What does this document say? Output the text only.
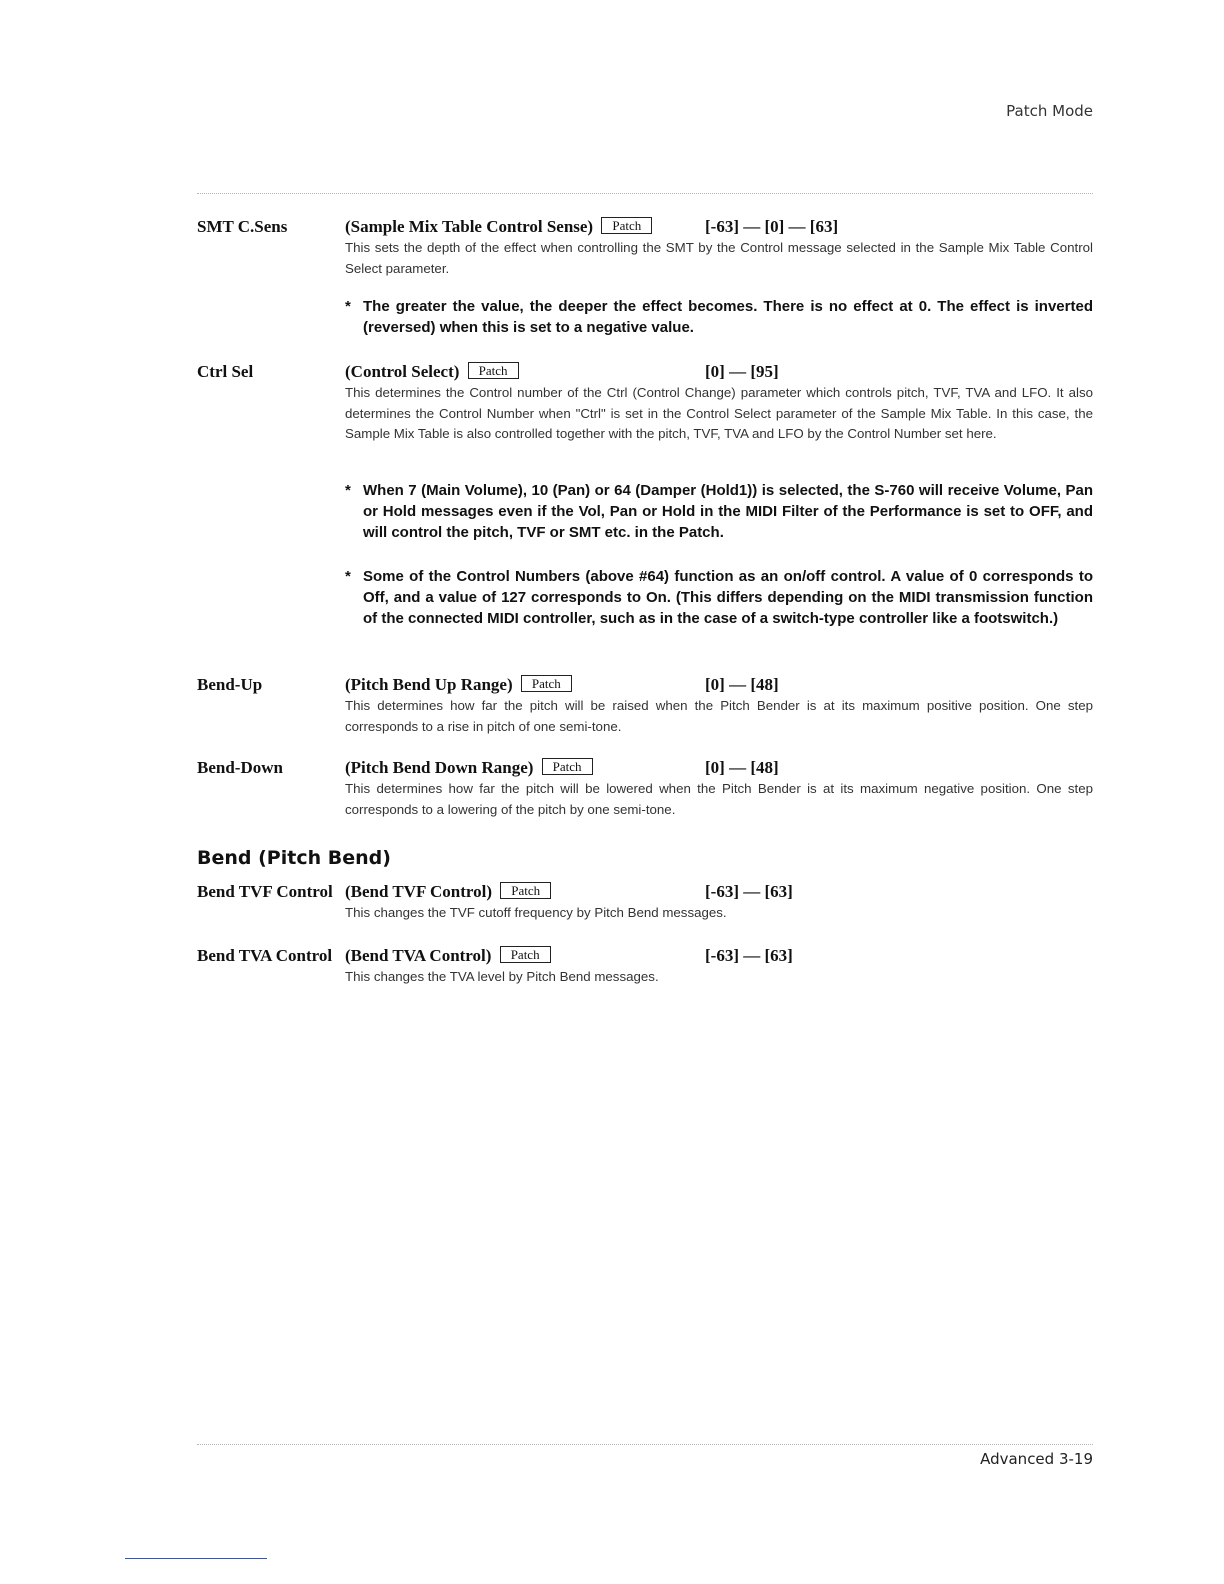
Patch Mode
SMT C.Sens	(Sample Mix Table Control Sense) Patch	[-63] — [0] — [63]
This sets the depth of the effect when controlling the SMT by the Control message selected in the Sample Mix Table Control Select parameter.
* The greater the value, the deeper the effect becomes. There is no effect at 0. The effect is inverted (reversed) when this is set to a negative value.
Ctrl Sel	(Control Select) Patch	[0] — [95]
This determines the Control number of the Ctrl (Control Change) parameter which controls pitch, TVF, TVA and LFO. It also determines the Control Number when "Ctrl" is set in the Control Select parameter of the Sample Mix Table. In this case, the Sample Mix Table is also controlled together with the pitch, TVF, TVA and LFO by the Control Number set here.
* When 7 (Main Volume), 10 (Pan) or 64 (Damper (Hold1)) is selected, the S-760 will receive Volume, Pan or Hold messages even if the Vol, Pan or Hold in the MIDI Filter of the Performance is set to OFF, and will control the pitch, TVF or SMT etc. in the Patch.
* Some of the Control Numbers (above #64) function as an on/off control. A value of 0 corresponds to Off, and a value of 127 corresponds to On. (This differs depending on the MIDI transmission function of the connected MIDI controller, such as in the case of a switch-type controller like a footswitch.)
Bend-Up	(Pitch Bend Up Range) Patch	[0] — [48]
This determines how far the pitch will be raised when the Pitch Bender is at its maximum positive position. One step corresponds to a rise in pitch of one semi-tone.
Bend-Down	(Pitch Bend Down Range) Patch	[0] — [48]
This determines how far the pitch will be lowered when the Pitch Bender is at its maximum negative position. One step corresponds to a lowering of the pitch by one semi-tone.
Bend (Pitch Bend)
Bend TVF Control (Bend TVF Control) Patch	[-63] — [63]
This changes the TVF cutoff frequency by Pitch Bend messages.
Bend TVA Control (Bend TVA Control) Patch	[-63] — [63]
This changes the TVA level by Pitch Bend messages.
Advanced 3-19
